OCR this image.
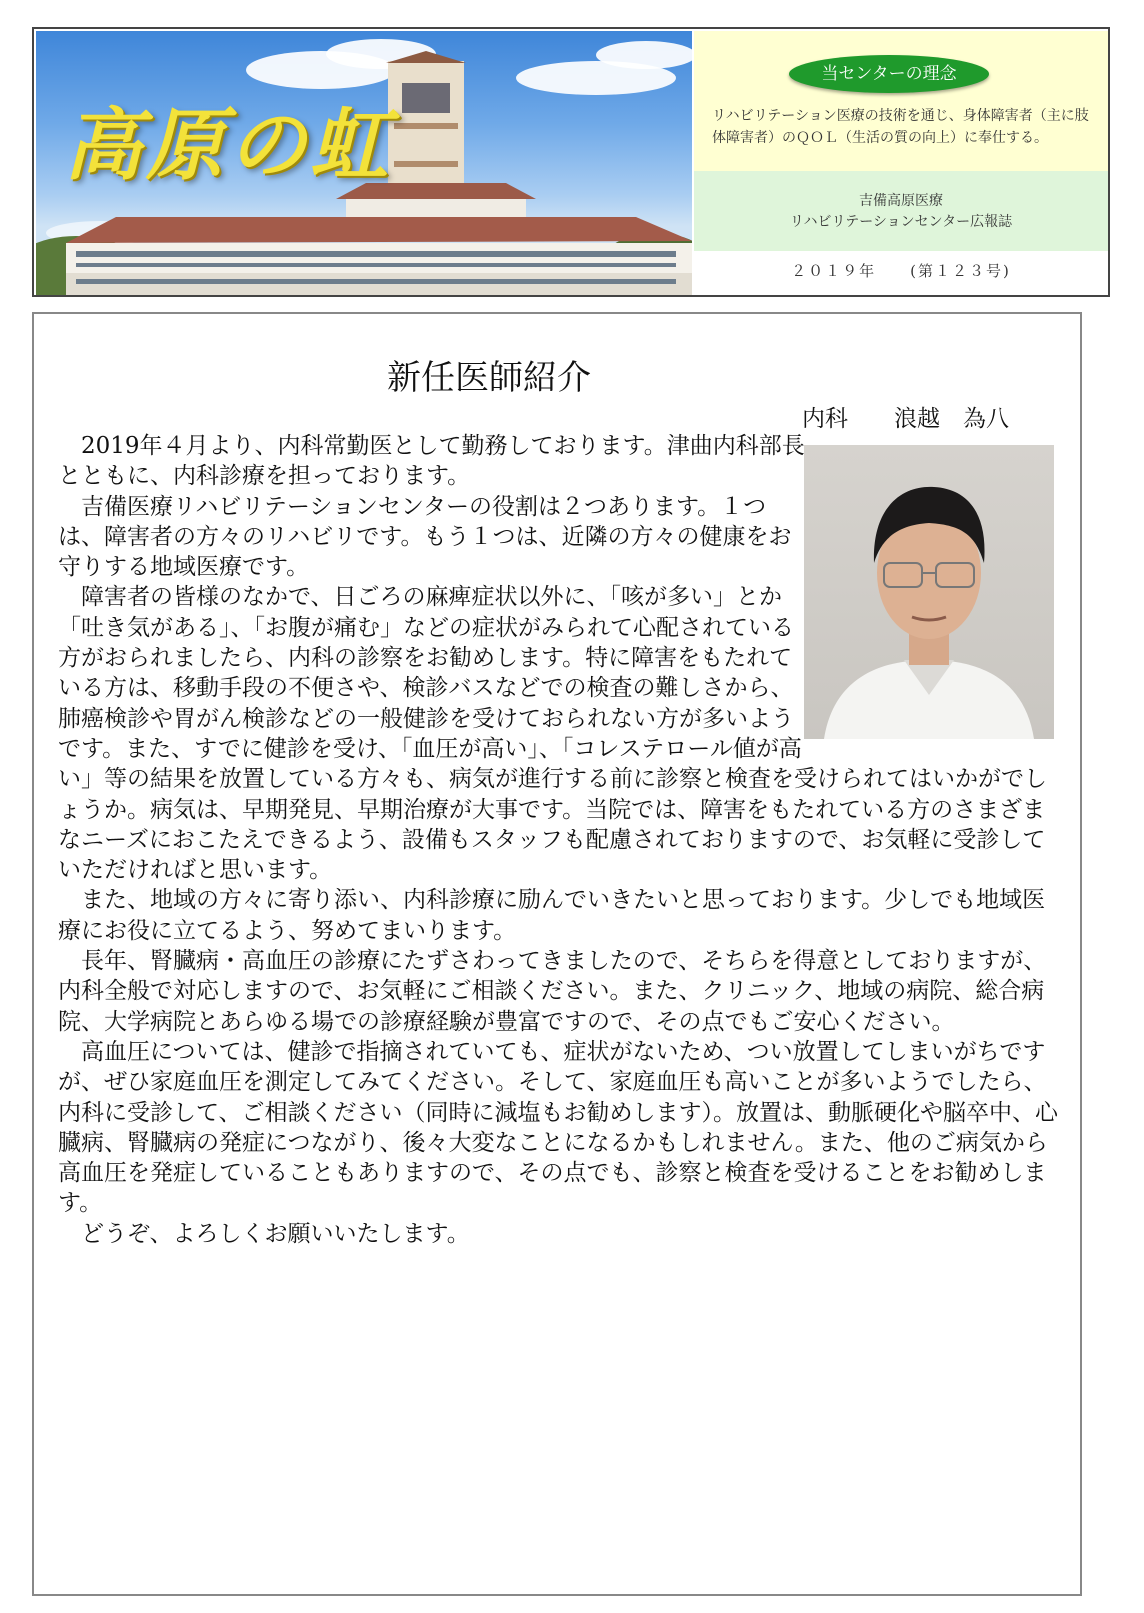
高原の虹
当センターの理念

リハビリテーション医療の技術を通じ、身体障害者（主に肢体障害者）のＱＯＬ（生活の質の向上）に奉仕する。

吉備高原医療
リハビリテーションセンター広報誌

２０１９年　　(第１２３号)

新任医師紹介

内科　　浪越　為八

2019年４月より、内科常勤医として勤務しております。津曲内科部長とともに、内科診療を担っております。
吉備医療リハビリテーションセンターの役割は２つあります。１つは、障害者の方々のリハビリです。もう１つは、近隣の方々の健康をお守りする地域医療です。
障害者の皆様のなかで、日ごろの麻痺症状以外に、「咳が多い」とか「吐き気がある」、「お腹が痛む」などの症状がみられて心配されている方がおられましたら、内科の診察をお勧めします。特に障害をもたれている方は、移動手段の不便さや、検診バスなどでの検査の難しさから、肺癌検診や胃がん検診などの一般健診を受けておられない方が多いようです。また、すでに健診を受け、「血圧が高い」、「コレステロール値が高い」等の結果を放置している方々も、病気が進行する前に診察と検査を受けられてはいかがでしょうか。病気は、早期発見、早期治療が大事です。当院では、障害をもたれている方のさまざまなニーズにおこたえできるよう、設備もスタッフも配慮されておりますので、お気軽に受診していただければと思います。
また、地域の方々に寄り添い、内科診療に励んでいきたいと思っております。少しでも地域医療にお役に立てるよう、努めてまいります。
長年、腎臓病・高血圧の診療にたずさわってきましたので、そちらを得意としておりますが、内科全般で対応しますので、お気軽にご相談ください。また、クリニック、地域の病院、総合病院、大学病院とあらゆる場での診療経験が豊富ですので、その点でもご安心ください。
高血圧については、健診で指摘されていても、症状がないため、つい放置してしまいがちですが、ぜひ家庭血圧を測定してみてください。そして、家庭血圧も高いことが多いようでしたら、内科に受診して、ご相談ください（同時に減塩もお勧めします）。放置は、動脈硬化や脳卒中、心臓病、腎臓病の発症につながり、後々大変なことになるかもしれません。また、他のご病気から高血圧を発症していることもありますので、その点でも、診察と検査を受けることをお勧めします。
どうぞ、よろしくお願いいたします。
